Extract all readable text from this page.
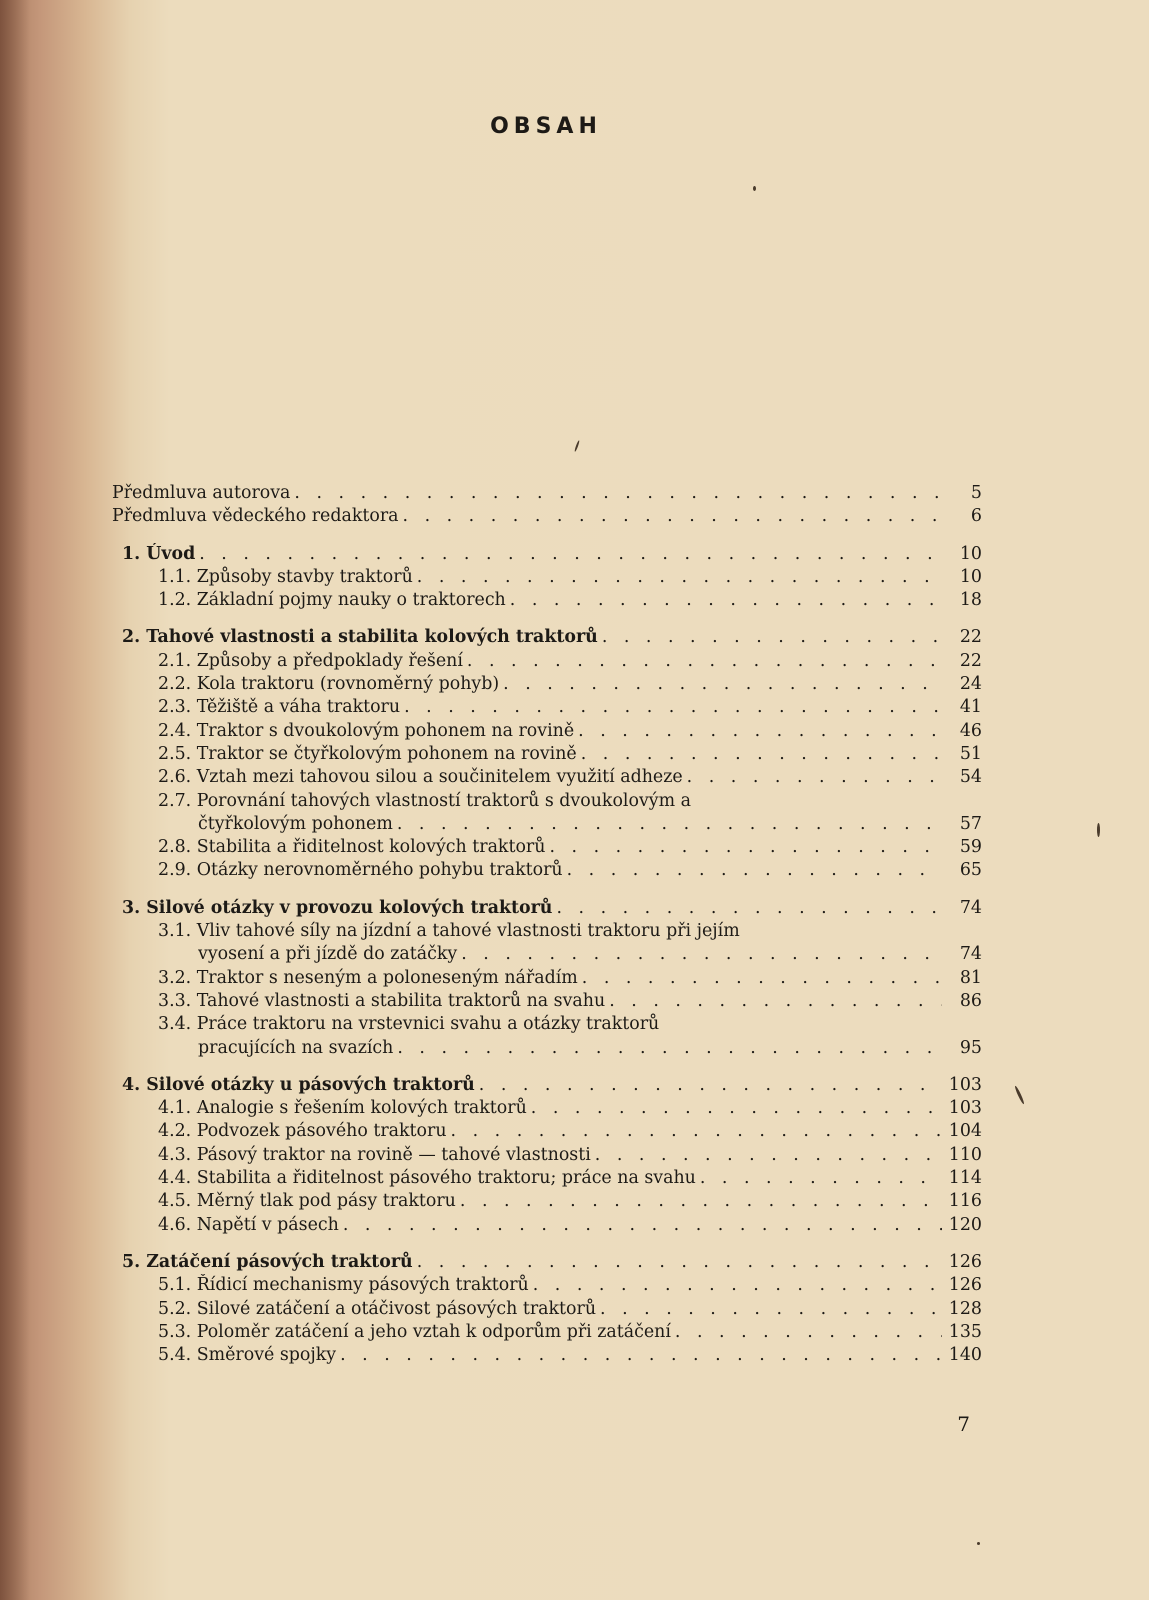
OBSAH
Předmluva autorova . . .	5
Předmluva vědeckého redaktora . . .	6
1. Úvod . . .	10
1.1. Způsoby stavby traktorů . . .	10
1.2. Základní pojmy nauky o traktorech . . .	18
2. Tahové vlastnosti a stabilita kolových traktorů . . .	22
2.1. Způsoby a předpoklady řešení . . .	22
2.2. Kola traktoru (rovnoměrný pohyb) . . .	24
2.3. Těžiště a váha traktoru . . .	41
2.4. Traktor s dvoukolovým pohonem na rovině . . .	46
2.5. Traktor se čtyřkolovým pohonem na rovině . . .	51
2.6. Vztah mezi tahovou silou a součinitelem využití adheze . . .	54
2.7. Porovnání tahových vlastností traktorů s dvoukolovým a
čtyřkolovým pohonem . . .	57
2.8. Stabilita a řiditelnost kolových traktorů . . .	59
2.9. Otázky nerovnoměrného pohybu traktorů . . .	65
3. Silové otázky v provozu kolových traktorů . . .	74
3.1. Vliv tahové síly na jízdní a tahové vlastnosti traktoru při jejím
vyosení a při jízdě do zatáčky . . .	74
3.2. Traktor s neseným a poloneseným nářadím . . .	81
3.3. Tahové vlastnosti a stabilita traktorů na svahu . . .	86
3.4. Práce traktoru na vrstevnici svahu a otázky traktorů
pracujících na svazích . . .	95
4. Silové otázky u pásových traktorů . . .	103
4.1. Analogie s řešením kolových traktorů . . .	103
4.2. Podvozek pásového traktoru . . .	104
4.3. Pásový traktor na rovině — tahové vlastnosti . . .	110
4.4. Stabilita a řiditelnost pásového traktoru; práce na svahu . . .	114
4.5. Měrný tlak pod pásy traktoru . . .	116
4.6. Napětí v pásech . . .	120
5. Zatáčení pásových traktorů . . .	126
5.1. Řídicí mechanismy pásových traktorů . . .	126
5.2. Silové zatáčení a otáčivost pásových traktorů . . .	128
5.3. Poloměr zatáčení a jeho vztah k odporům při zatáčení . . .	135
5.4. Směrové spojky . . .	140
7
